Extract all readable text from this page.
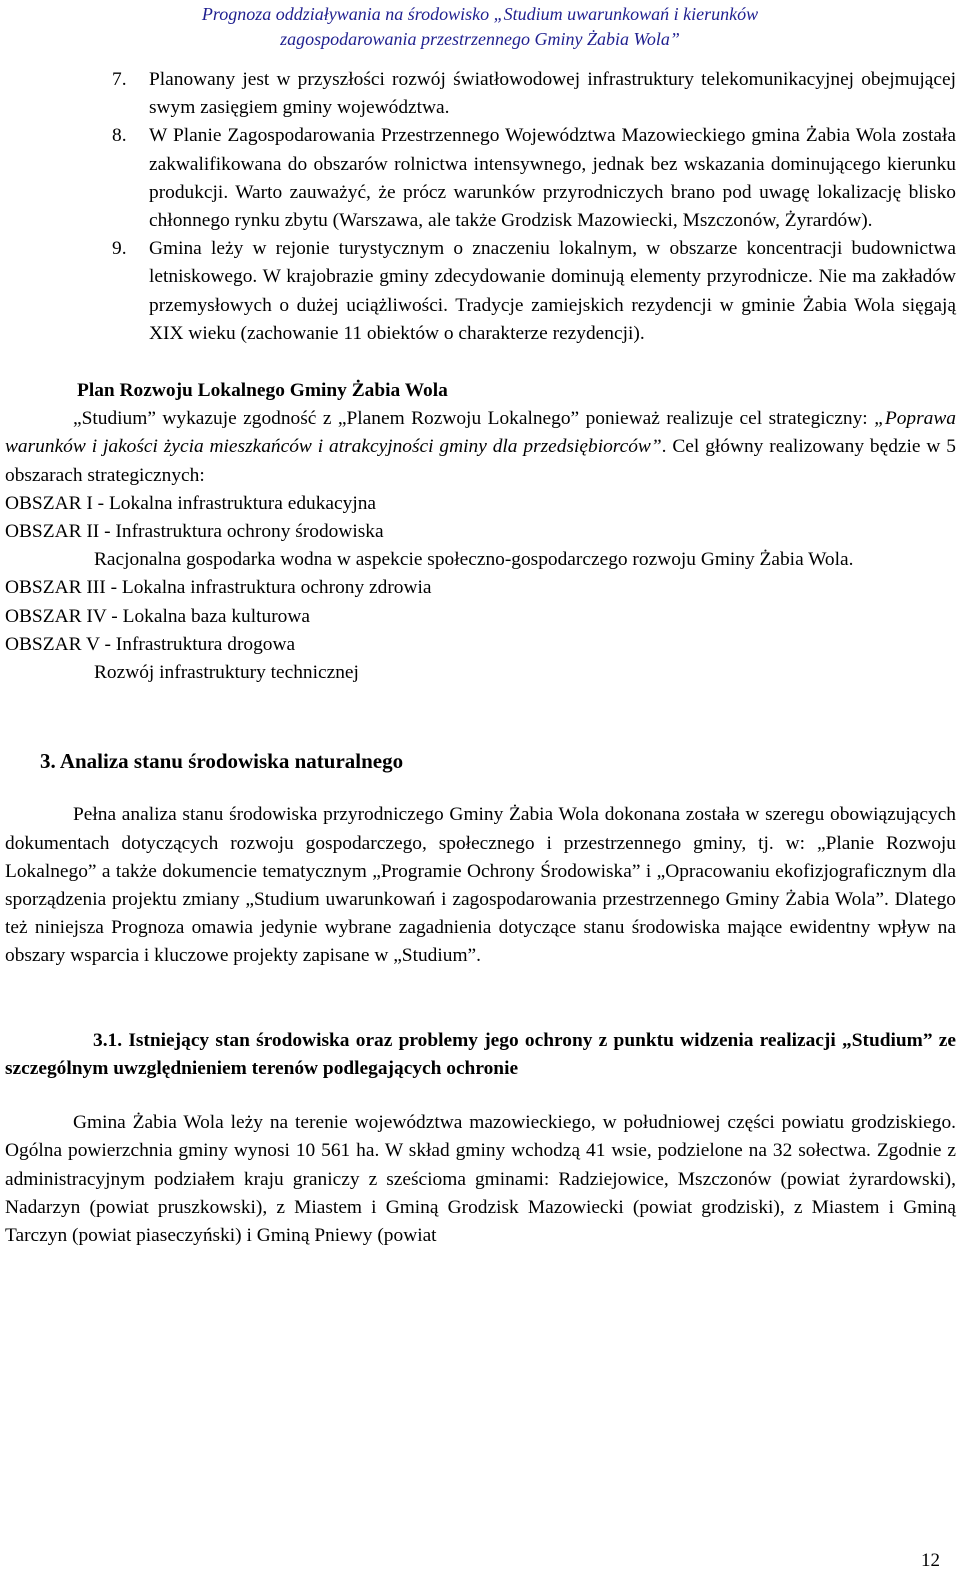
Prognoza oddziaływania na środowisko „Studium uwarunkowań i kierunków
zagospodarowania przestrzennego Gminy Żabia Wola”
7. Planowany jest w przyszłości rozwój światłowodowej infrastruktury telekomunikacyjnej obejmującej swym zasięgiem gminy województwa.
8. W Planie Zagospodarowania Przestrzennego Województwa Mazowieckiego gmina Żabia Wola została zakwalifikowana do obszarów rolnictwa intensywnego, jednak bez wskazania dominującego kierunku produkcji. Warto zauważyć, że prócz warunków przyrodniczych brano pod uwagę lokalizację blisko chłonnego rynku zbytu (Warszawa, ale także Grodzisk Mazowiecki, Mszczonów, Żyrardów).
9. Gmina leży w rejonie turystycznym o znaczeniu lokalnym, w obszarze koncentracji budownictwa letniskowego. W krajobrazie gminy zdecydowanie dominują elementy przyrodnicze. Nie ma zakładów przemysłowych o dużej uciążliwości. Tradycje zamiejskich rezydencji w gminie Żabia Wola sięgają XIX wieku (zachowanie 11 obiektów o charakterze rezydencji).

Plan Rozwoju Lokalnego Gminy Żabia Wola

„Studium” wykazuje zgodność z „Planem Rozwoju Lokalnego” ponieważ realizuje cel strategiczny: „Poprawa warunków i jakości życia mieszkańców i atrakcyjności gminy dla przedsiębiorców”. Cel główny realizowany będzie w 5 obszarach strategicznych:

OBSZAR I - Lokalna infrastruktura edukacyjna

OBSZAR II - Infrastruktura ochrony środowiska

Racjonalna gospodarka wodna w aspekcie społeczno-gospodarczego rozwoju Gminy Żabia Wola.

OBSZAR III - Lokalna infrastruktura ochrony zdrowia

OBSZAR IV - Lokalna baza kulturowa

OBSZAR V - Infrastruktura drogowa

Rozwój infrastruktury technicznej

3. Analiza stanu środowiska naturalnego

Pełna analiza stanu środowiska przyrodniczego Gminy Żabia Wola dokonana została w szeregu obowiązujących dokumentach dotyczących rozwoju gospodarczego, społecznego i przestrzennego gminy, tj. w: „Planie Rozwoju Lokalnego” a także dokumencie tematycznym „Programie Ochrony Środowiska” i „Opracowaniu ekofizjograficznym dla sporządzenia projektu zmiany „Studium uwarunkowań i zagospodarowania przestrzennego Gminy Żabia Wola”. Dlatego też niniejsza Prognoza omawia jedynie wybrane zagadnienia dotyczące stanu środowiska mające ewidentny wpływ na obszary wsparcia i kluczowe projekty zapisane w „Studium”.

3.1. Istniejący stan środowiska oraz problemy jego ochrony z punktu widzenia realizacji „Studium” ze szczególnym uwzględnieniem terenów podlegających ochronie

Gmina Żabia Wola leży na terenie województwa mazowieckiego, w południowej części powiatu grodziskiego. Ogólna powierzchnia gminy wynosi 10 561 ha. W skład gminy wchodzą 41 wsie, podzielone na 32 sołectwa. Zgodnie z administracyjnym podziałem kraju graniczy z sześcioma gminami: Radziejowice, Mszczonów (powiat żyrardowski), Nadarzyn (powiat pruszkowski), z Miastem i Gminą Grodzisk Mazowiecki (powiat grodziski), z Miastem i Gminą Tarczyn (powiat piaseczyński) i Gminą Pniewy (powiat

12
